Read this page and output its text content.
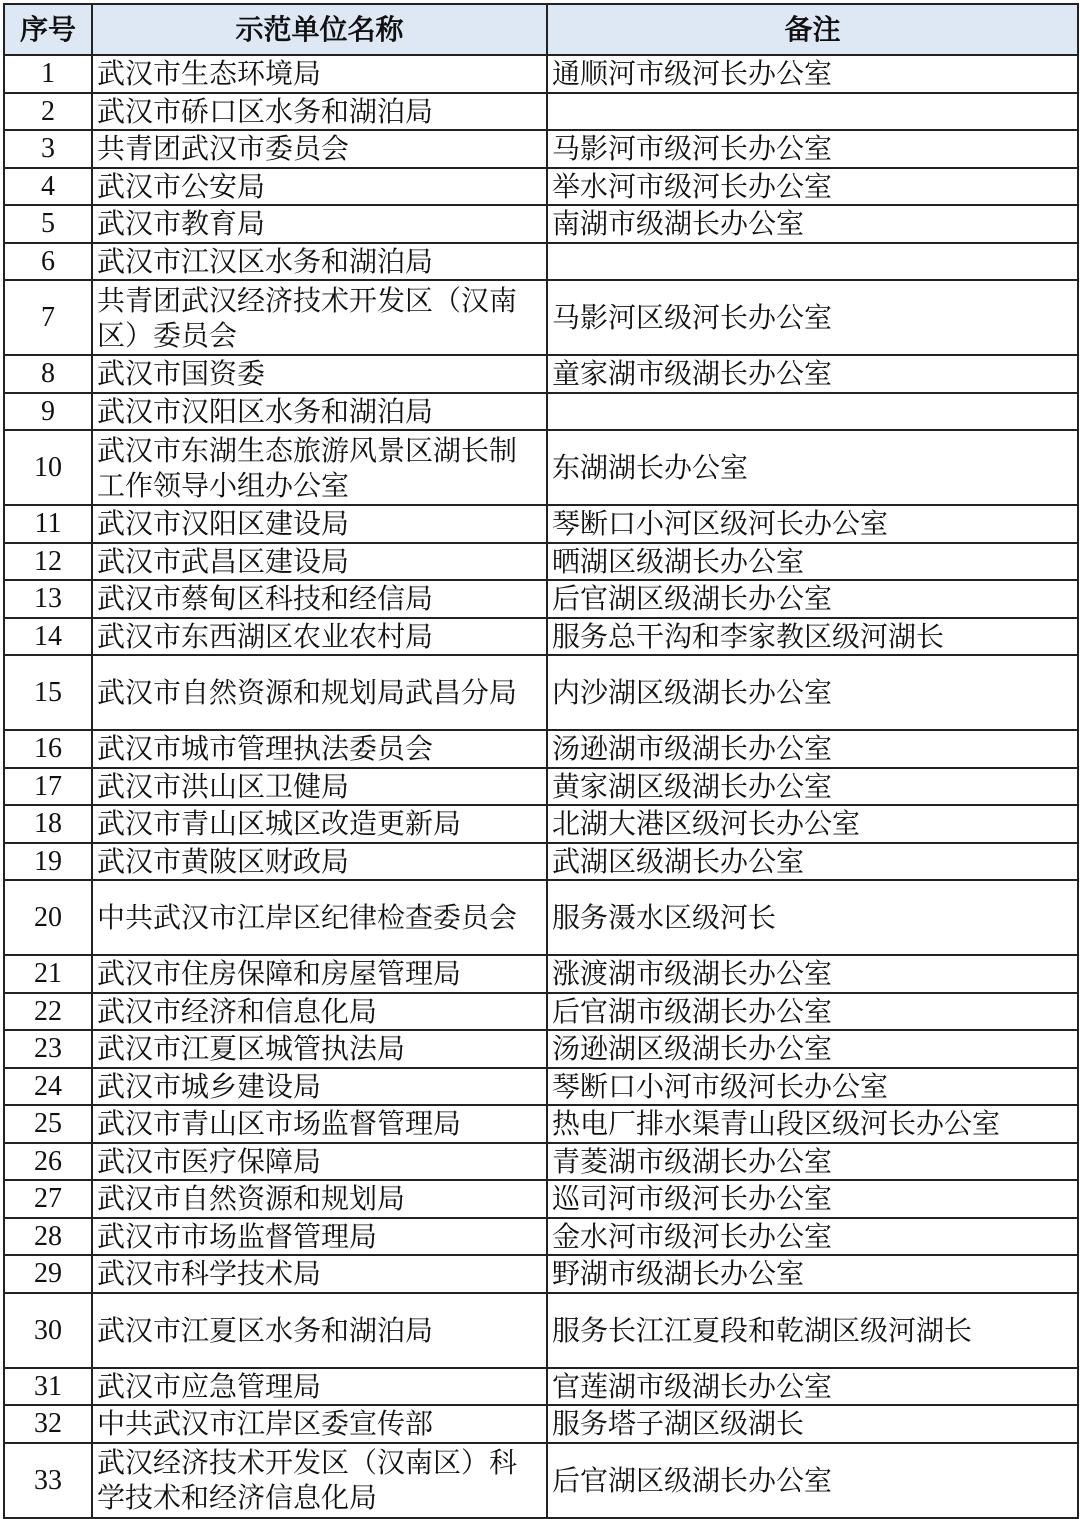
序号	示范单位名称	备注
1	武汉市生态环境局	通顺河市级河长办公室
2	武汉市硚口区水务和湖泊局	
3	共青团武汉市委员会	马影河市级河长办公室
4	武汉市公安局	举水河市级河长办公室
5	武汉市教育局	南湖市级湖长办公室
6	武汉市江汉区水务和湖泊局	
7	共青团武汉经济技术开发区（汉南区）委员会	马影河区级河长办公室
8	武汉市国资委	童家湖市级湖长办公室
9	武汉市汉阳区水务和湖泊局	
10	武汉市东湖生态旅游风景区湖长制工作领导小组办公室	东湖湖长办公室
11	武汉市汉阳区建设局	琴断口小河区级河长办公室
12	武汉市武昌区建设局	晒湖区级湖长办公室
13	武汉市蔡甸区科技和经信局	后官湖区级湖长办公室
14	武汉市东西湖区农业农村局	服务总干沟和李家教区级河湖长
15	武汉市自然资源和规划局武昌分局	内沙湖区级湖长办公室
16	武汉市城市管理执法委员会	汤逊湖市级湖长办公室
17	武汉市洪山区卫健局	黄家湖区级湖长办公室
18	武汉市青山区城区改造更新局	北湖大港区级河长办公室
19	武汉市黄陂区财政局	武湖区级湖长办公室
20	中共武汉市江岸区纪律检查委员会	服务滠水区级河长
21	武汉市住房保障和房屋管理局	涨渡湖市级湖长办公室
22	武汉市经济和信息化局	后官湖市级湖长办公室
23	武汉市江夏区城管执法局	汤逊湖区级湖长办公室
24	武汉市城乡建设局	琴断口小河市级河长办公室
25	武汉市青山区市场监督管理局	热电厂排水渠青山段区级河长办公室
26	武汉市医疗保障局	青菱湖市级湖长办公室
27	武汉市自然资源和规划局	巡司河市级河长办公室
28	武汉市市场监督管理局	金水河市级河长办公室
29	武汉市科学技术局	野湖市级湖长办公室
30	武汉市江夏区水务和湖泊局	服务长江江夏段和乾湖区级河湖长
31	武汉市应急管理局	官莲湖市级湖长办公室
32	中共武汉市江岸区委宣传部	服务塔子湖区级湖长
33	武汉经济技术开发区（汉南区）科学技术和经济信息化局	后官湖区级湖长办公室
